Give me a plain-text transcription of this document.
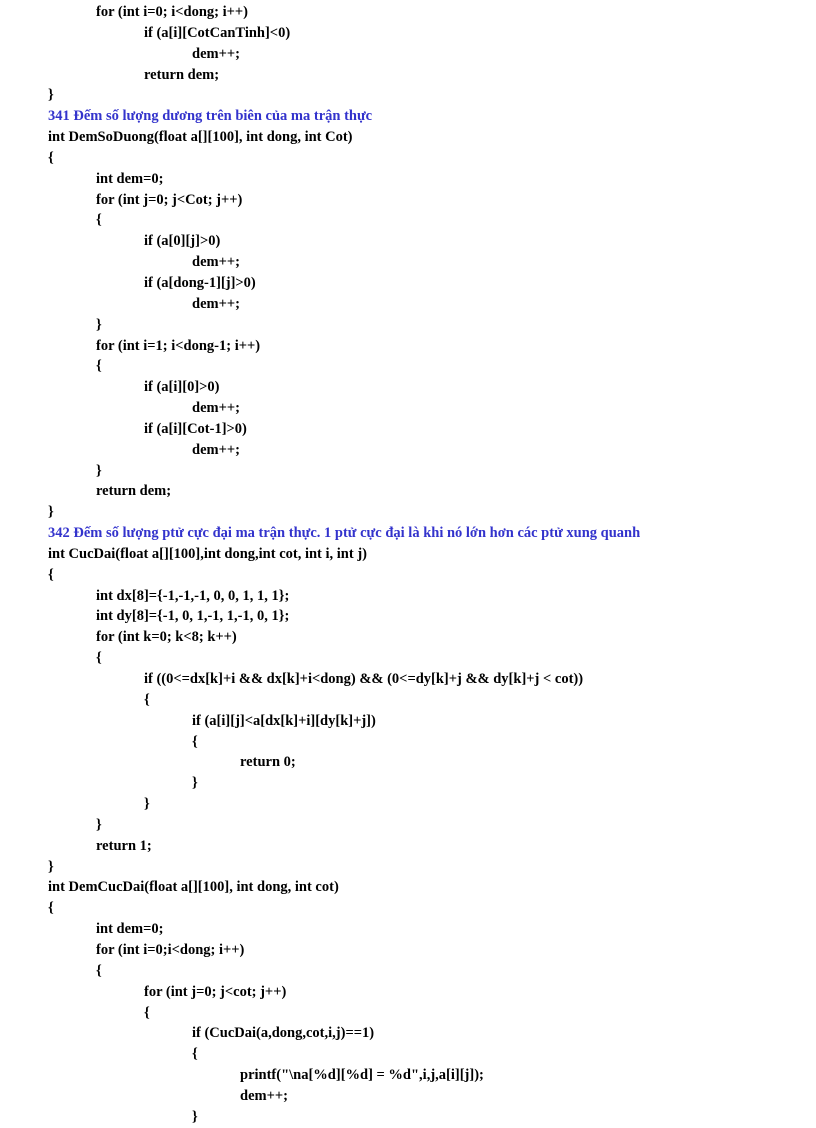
for (int i=0; i<dong; i++)
if (a[i][CotCanTinh]<0)
dem++;
return dem;
}
341 Đếm số lượng dương trên biên của ma trận thực
int DemSoDuong(float a[][100], int dong, int Cot)
{
int dem=0;
for (int j=0; j<Cot; j++)
{
if (a[0][j]>0)
dem++;
if (a[dong-1][j]>0)
dem++;
}
for (int i=1; i<dong-1; i++)
{
if (a[i][0]>0)
dem++;
if (a[i][Cot-1]>0)
dem++;
}
return dem;
}
342 Đếm số lượng ptử cực đại ma trận thực. 1 ptử cực đại là khi nó lớn hơn các ptử xung quanh
int CucDai(float a[][100],int dong,int cot, int i, int j)
{
int dx[8]={-1,-1,-1, 0, 0, 1, 1, 1};
int dy[8]={-1, 0, 1,-1, 1,-1, 0, 1};
for (int k=0; k<8; k++)
{
if ((0<=dx[k]+i && dx[k]+i<dong) && (0<=dy[k]+j && dy[k]+j < cot))
{
if (a[i][j]<a[dx[k]+i][dy[k]+j])
{
return 0;
}
}
}
return 1;
}
int DemCucDai(float a[][100], int dong, int cot)
{
int dem=0;
for (int i=0;i<dong; i++)
{
for (int j=0; j<cot; j++)
{
if (CucDai(a,dong,cot,i,j)==1)
{
printf("\na[%d][%d] = %d",i,j,a[i][j]);
dem++;
}
